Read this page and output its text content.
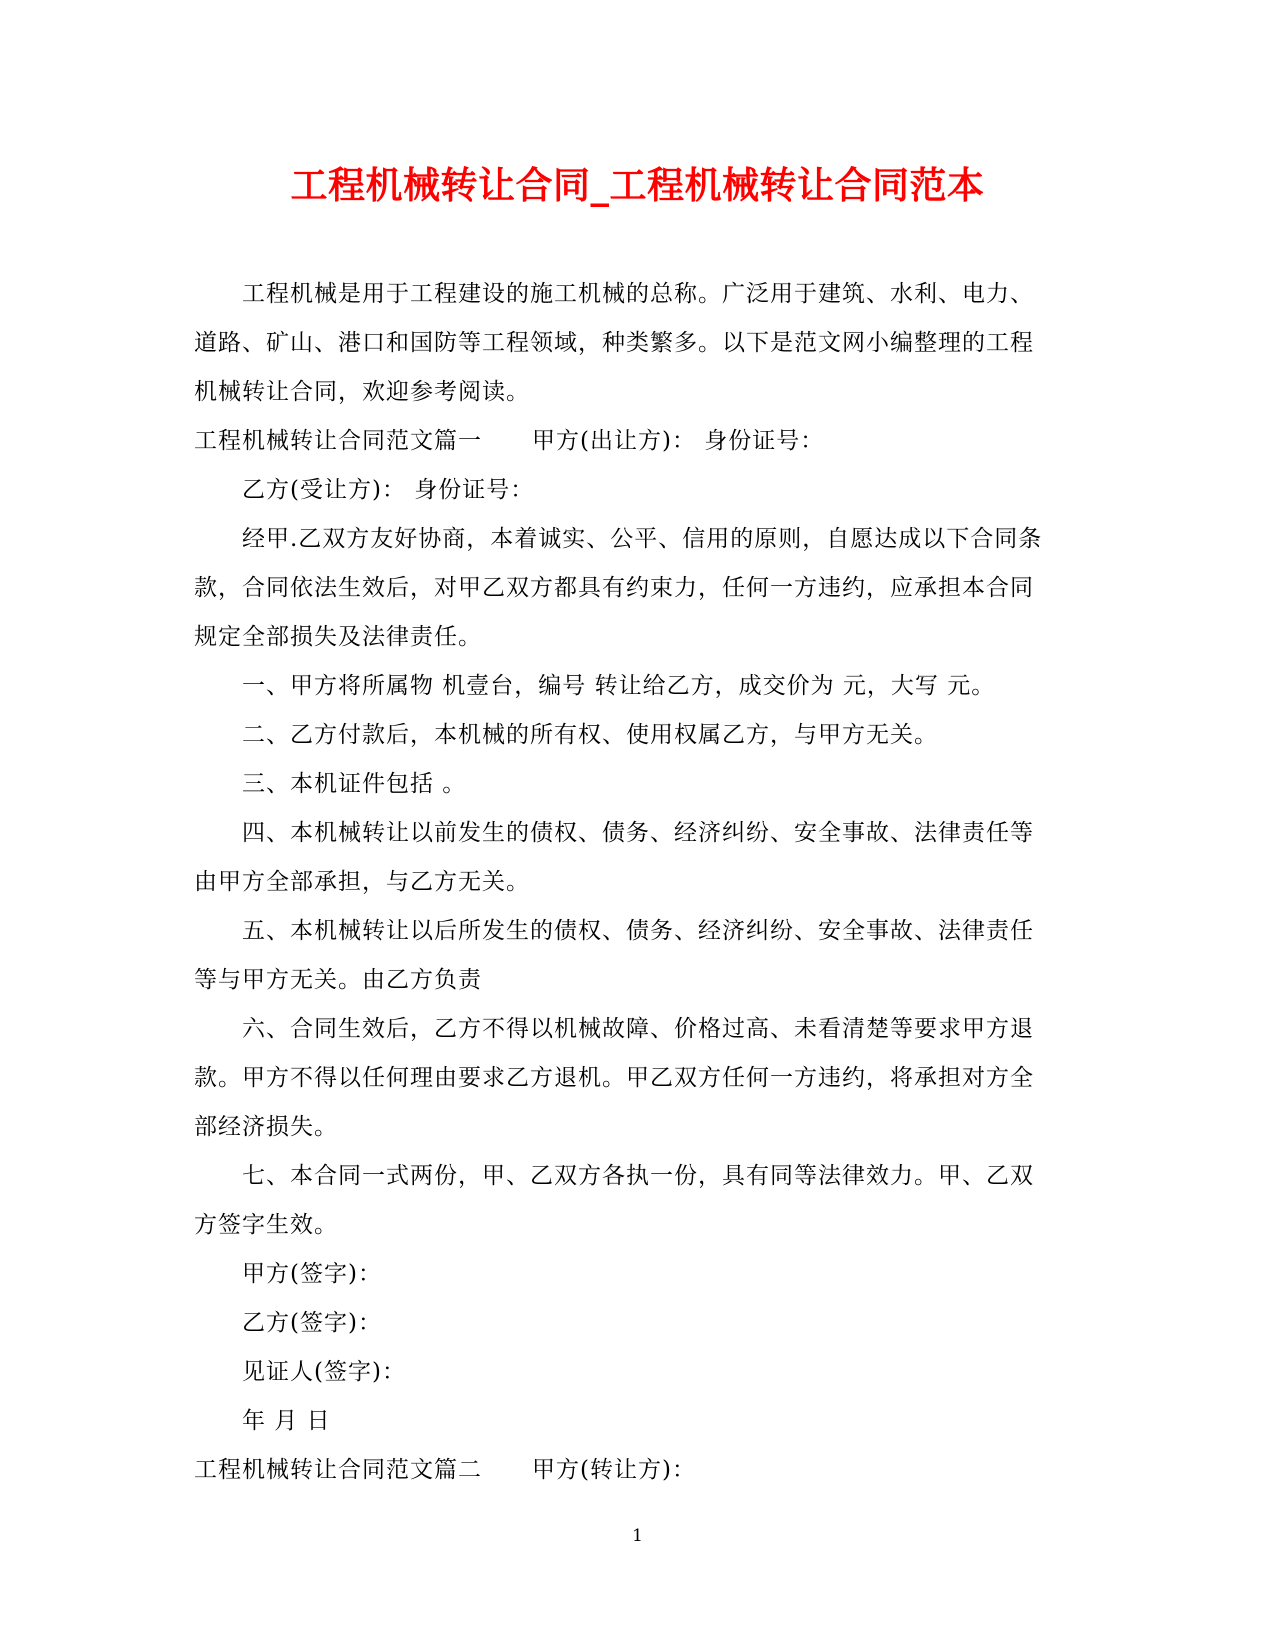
工程机械转让合同_工程机械转让合同范本

工程机械是用于工程建设的施工机械的总称。广泛用于建筑、水利、电力、

道路、矿山、港口和国防等工程领域，种类繁多。以下是范文网小编整理的工程

机械转让合同，欢迎参考阅读。

工程机械转让合同范文篇一 甲方(出让方)： 身份证号：

乙方(受让方)： 身份证号：

经甲.乙双方友好协商，本着诚实、公平、信用的原则，自愿达成以下合同条

款，合同依法生效后，对甲乙双方都具有约束力，任何一方违约，应承担本合同

规定全部损失及法律责任。

一、甲方将所属物 机壹台，编号 转让给乙方，成交价为 元，大写 元。

二、乙方付款后，本机械的所有权、使用权属乙方，与甲方无关。

三、本机证件包括 。

四、本机械转让以前发生的债权、债务、经济纠纷、安全事故、法律责任等

由甲方全部承担，与乙方无关。

五、本机械转让以后所发生的债权、债务、经济纠纷、安全事故、法律责任

等与甲方无关。由乙方负责

六、合同生效后，乙方不得以机械故障、价格过高、未看清楚等要求甲方退

款。甲方不得以任何理由要求乙方退机。甲乙双方任何一方违约，将承担对方全

部经济损失。

七、本合同一式两份，甲、乙双方各执一份，具有同等法律效力。甲、乙双

方签字生效。

甲方(签字)：

乙方(签字)：

见证人(签字)：

年 月 日

工程机械转让合同范文篇二 甲方(转让方)：

1
